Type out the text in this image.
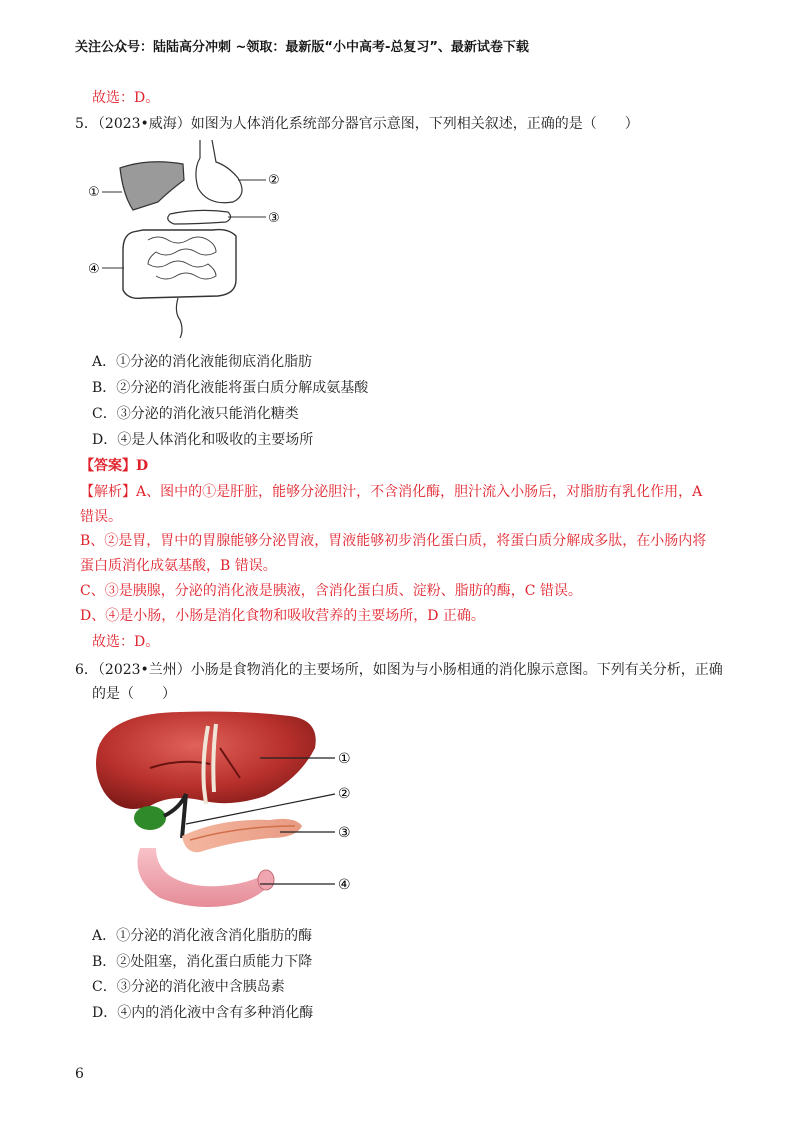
关注公众号：陆陆高分冲刺 ~领取：最新版“小中高考-总复习”、最新试卷下载
故选：D。
5．（2023•威海）如图为人体消化系统部分器官示意图，下列相关叙述，正确的是（　　）
①
②
③
④
A．①分泌的消化液能彻底消化脂肪
B．②分泌的消化液能将蛋白质分解成氨基酸
C．③分泌的消化液只能消化糖类
D．④是人体消化和吸收的主要场所
【答案】D
【解析】A、图中的①是肝脏，能够分泌胆汁，不含消化酶，胆汁流入小肠后，对脂肪有乳化作用，A
错误。
B、②是胃，胃中的胃腺能够分泌胃液，胃液能够初步消化蛋白质，将蛋白质分解成多肽，在小肠内将
蛋白质消化成氨基酸，B 错误。
C、③是胰腺，分泌的消化液是胰液，含消化蛋白质、淀粉、脂肪的酶，C 错误。
D、④是小肠，小肠是消化食物和吸收营养的主要场所，D 正确。
故选：D。
6．（2023•兰州）小肠是食物消化的主要场所，如图为与小肠相通的消化腺示意图。下列有关分析，正确
的是（　　）
①
②
③
④
A．①分泌的消化液含消化脂肪的酶
B．②处阻塞，消化蛋白质能力下降
C．③分泌的消化液中含胰岛素
D．④内的消化液中含有多种消化酶
6
